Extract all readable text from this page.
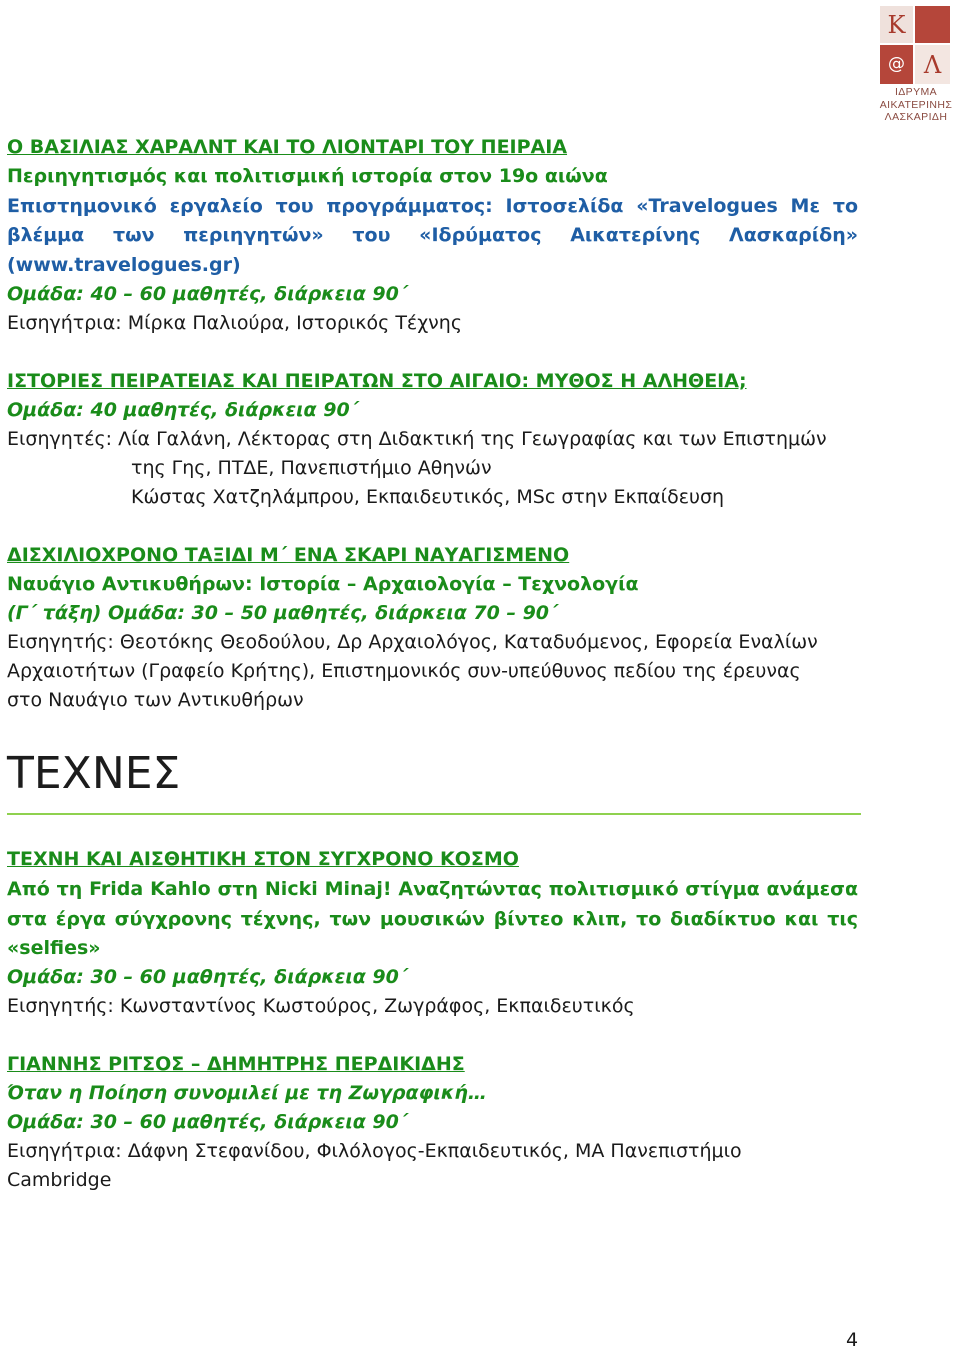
K
@ Λ
ΙΔΡΥΜΑ
ΑΙΚΑΤΕΡΙΝΗΣ
ΛΑΣΚΑΡΙΔΗ
Ο ΒΑΣΙΛΙΑΣ ΧΑΡΑΛΝΤ ΚΑΙ ΤΟ ΛΙΟΝΤΑΡΙ ΤΟΥ ΠΕΙΡΑΙΑ
Περιηγητισμός και πολιτισμική ιστορία στον 19ο αιώνα
Επιστημονικό εργαλείο του προγράμματος: Ιστοσελίδα «Travelogues Με το
βλέμμα των περιηγητών» του «Ιδρύματος Αικατερίνης Λασκαρίδη»
(www.travelogues.gr)
Ομάδα: 40 – 60 μαθητές, διάρκεια 90΄
Εισηγήτρια: Μίρκα Παλιούρα, Ιστορικός Τέχνης
ΙΣΤΟΡΙΕΣ ΠΕΙΡΑΤΕΙΑΣ ΚΑΙ ΠΕΙΡΑΤΩΝ ΣΤΟ ΑΙΓΑΙΟ: ΜΥΘΟΣ Η ΑΛΗΘΕΙΑ;
Ομάδα: 40 μαθητές, διάρκεια 90΄
Εισηγητές: Λία Γαλάνη, Λέκτορας στη Διδακτική της Γεωγραφίας και των Επιστημών
της Γης, ΠΤΔΕ, Πανεπιστήμιο Αθηνών
Κώστας Χατζηλάμπρου, Εκπαιδευτικός, MSc στην Εκπαίδευση
ΔΙΣΧΙΛΙΟΧΡΟΝΟ ΤΑΞΙΔΙ Μ΄ ΕΝΑ ΣΚΑΡΙ ΝΑΥΑΓΙΣΜΕΝΟ
Ναυάγιο Αντικυθήρων: Ιστορία – Αρχαιολογία – Τεχνολογία
(Γ΄ τάξη) Ομάδα: 30 – 50 μαθητές, διάρκεια 70 – 90΄
Εισηγητής: Θεοτόκης Θεοδούλου, Δρ Αρχαιολόγος, Καταδυόμενος, Εφορεία Εναλίων
Αρχαιοτήτων (Γραφείο Κρήτης), Επιστημονικός συν-υπεύθυνος πεδίου της έρευνας
στο Ναυάγιο των Αντικυθήρων
ΤΕΧΝΕΣ
ΤΕΧΝΗ ΚΑΙ ΑΙΣΘΗΤΙΚΗ ΣΤΟΝ ΣΥΓΧΡΟΝΟ ΚΟΣΜΟ
Από τη Frida Kahlo στη Nicki Minaj! Αναζητώντας πολιτισμικό στίγμα ανάμεσα
στα έργα σύγχρονης τέχνης, των μουσικών βίντεο κλιπ, το διαδίκτυο και τις
«selfies»
Ομάδα: 30 – 60 μαθητές, διάρκεια 90΄
Εισηγητής: Κωνσταντίνος Κωστούρος, Ζωγράφος, Εκπαιδευτικός
ΓΙΑΝΝΗΣ ΡΙΤΣΟΣ – ΔΗΜΗΤΡΗΣ ΠΕΡΔΙΚΙΔΗΣ
Όταν η Ποίηση συνομιλεί με τη Ζωγραφική…
Ομάδα: 30 – 60 μαθητές, διάρκεια 90΄
Εισηγήτρια: Δάφνη Στεφανίδου, Φιλόλογος-Εκπαιδευτικός, MA Πανεπιστήμιο
Cambridge
4
